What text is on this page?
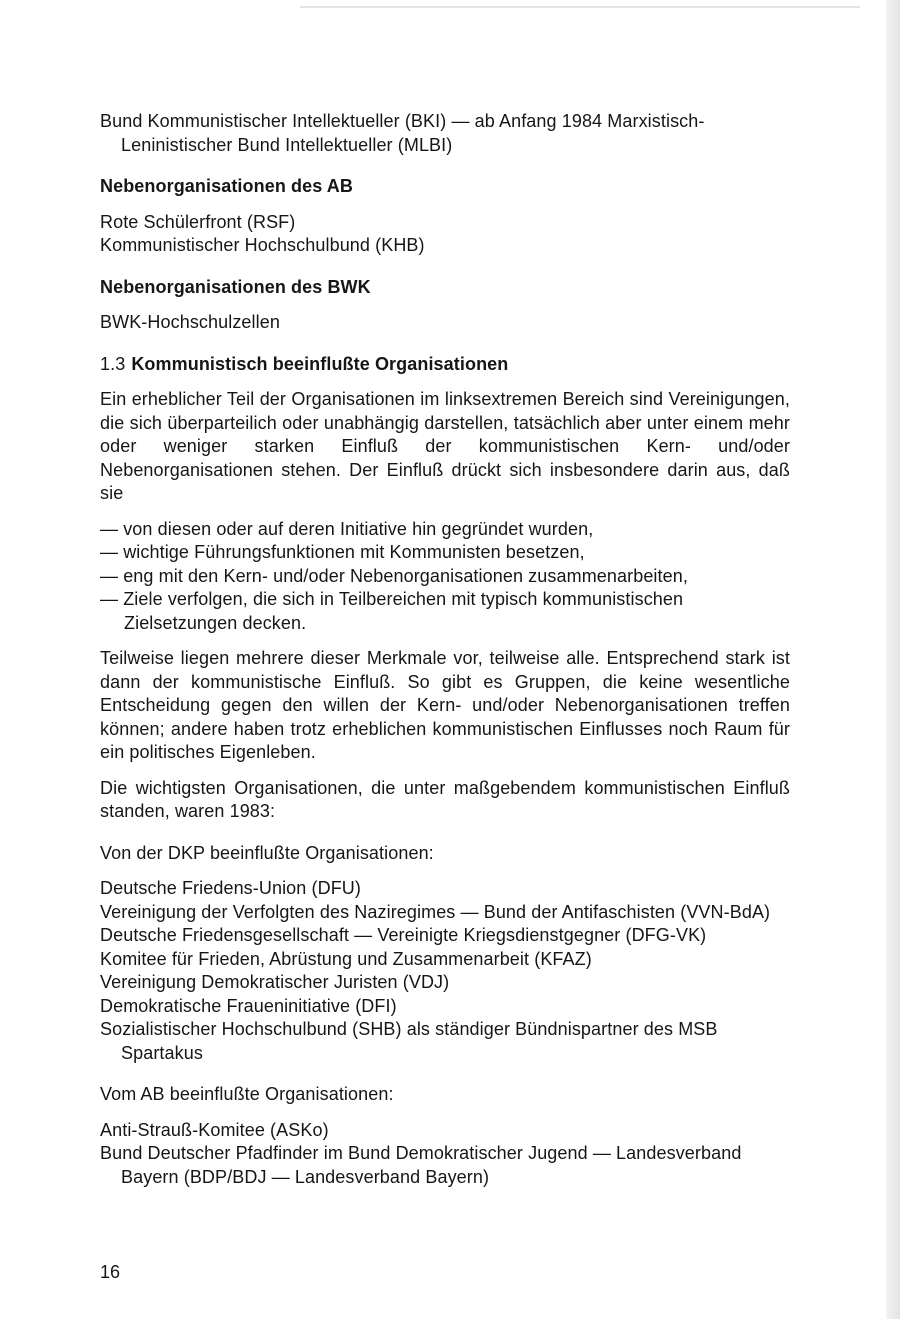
Bund Kommunistischer Intellektueller (BKI) — ab Anfang 1984 Marxistisch-Leninistischer Bund Intellektueller (MLBI)

Nebenorganisationen des AB

Rote Schülerfront (RSF)

Kommunistischer Hochschulbund (KHB)

Nebenorganisationen des BWK

BWK-Hochschulzellen

1.3 Kommunistisch beeinflußte Organisationen

Ein erheblicher Teil der Organisationen im linksextremen Bereich sind Vereinigungen, die sich überparteilich oder unabhängig darstellen, tatsächlich aber unter einem mehr oder weniger starken Einfluß der kommunistischen Kern- und/oder Nebenorganisationen stehen. Der Einfluß drückt sich insbesondere darin aus, daß sie

— von diesen oder auf deren Initiative hin gegründet wurden,

— wichtige Führungsfunktionen mit Kommunisten besetzen,

— eng mit den Kern- und/oder Nebenorganisationen zusammenarbeiten,

— Ziele verfolgen, die sich in Teilbereichen mit typisch kommunistischen Zielsetzungen decken.

Teilweise liegen mehrere dieser Merkmale vor, teilweise alle. Entsprechend stark ist dann der kommunistische Einfluß. So gibt es Gruppen, die keine wesentliche Entscheidung gegen den willen der Kern- und/oder Nebenorganisationen treffen können; andere haben trotz erheblichen kommunistischen Einflusses noch Raum für ein politisches Eigenleben.

Die wichtigsten Organisationen, die unter maßgebendem kommunistischen Einfluß standen, waren 1983:

Von der DKP beeinflußte Organisationen:

Deutsche Friedens-Union (DFU)

Vereinigung der Verfolgten des Naziregimes — Bund der Antifaschisten (VVN-BdA)

Deutsche Friedensgesellschaft — Vereinigte Kriegsdienstgegner (DFG-VK)

Komitee für Frieden, Abrüstung und Zusammenarbeit (KFAZ)

Vereinigung Demokratischer Juristen (VDJ)

Demokratische Fraueninitiative (DFI)

Sozialistischer Hochschulbund (SHB) als ständiger Bündnispartner des MSB Spartakus

Vom AB beeinflußte Organisationen:

Anti-Strauß-Komitee (ASKo)

Bund Deutscher Pfadfinder im Bund Demokratischer Jugend — Landesverband Bayern (BDP/BDJ — Landesverband Bayern)

16
